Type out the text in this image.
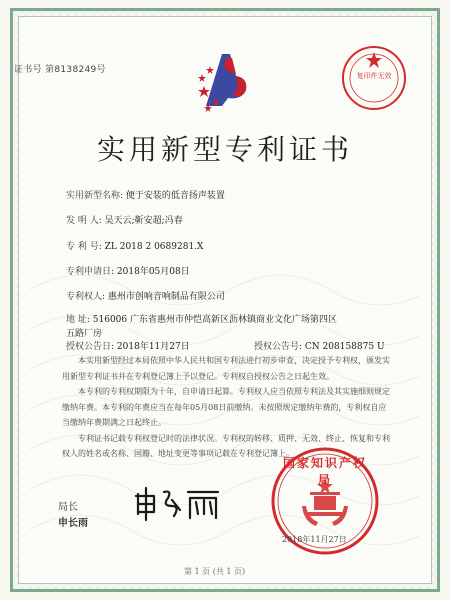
证书号 第8138249号
复印件无效
实用新型专利证书
实用新型名称: 便于安装的低音扬声装置
发 明 人: 吴天云;靳安超;冯春
专 利 号: ZL 2018 2 0689281.X
专利申请日: 2018年05月08日
专利权人: 惠州市创响音响制品有限公司
地 址: 516006 广东省惠州市仲恺高新区沥林镇商业文化广场第四区五路厂房
授权公告日: 2018年11月27日	授权公告号: CN 208158875 U

本实用新型经过本局依照中华人民共和国专利法进行初步审查，决定授予专利权，颁发实用新型专利证书并在专利登记簿上予以登记。专利权自授权公告之日起生效。

本专利的专利权期限为十年，自申请日起算。专利权人应当依照专利法及其实施细则规定缴纳年费。本专利的年费应当在每年05月08日前缴纳。未按照规定缴纳年费的，专利权自应当缴纳年费期满之日起终止。

专利证书记载专利权登记时的法律状况。专利权的转移、质押、无效、终止、恢复和专利权人的姓名或名称、国籍、地址变更等事项记载在专利登记簿上。

局长
申长雨
国家知识产权局
2018年11月27日
第 1 页 (共 1 页)
